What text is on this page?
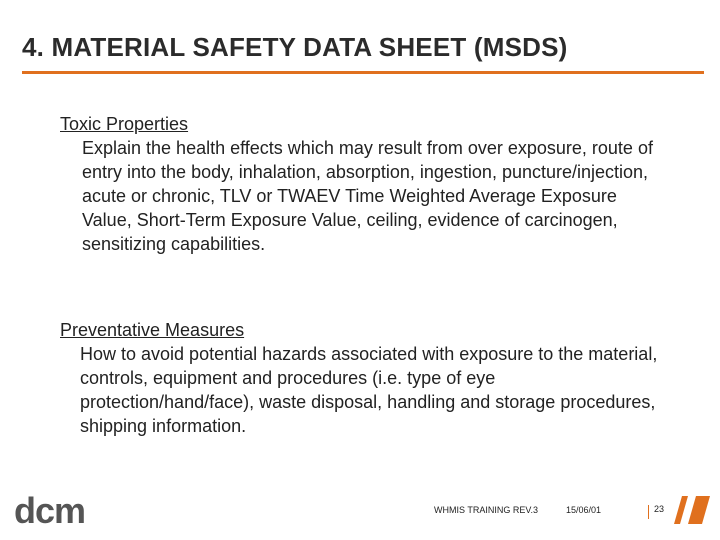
4. MATERIAL SAFETY DATA SHEET (MSDS)

Toxic Properties

Explain the health effects which may result from over exposure, route of entry into the body, inhalation, absorption, ingestion, puncture/injection, acute or chronic, TLV or TWAEV Time Weighted Average Exposure Value, Short-Term Exposure Value, ceiling, evidence of carcinogen, sensitizing capabilities.

Preventative Measures

How to avoid potential hazards associated with exposure to the material, controls, equipment and procedures (i.e. type of eye protection/hand/face), waste disposal, handling and storage procedures, shipping information.

dcm	WHMIS TRAINING REV.3	15/06/01	23
